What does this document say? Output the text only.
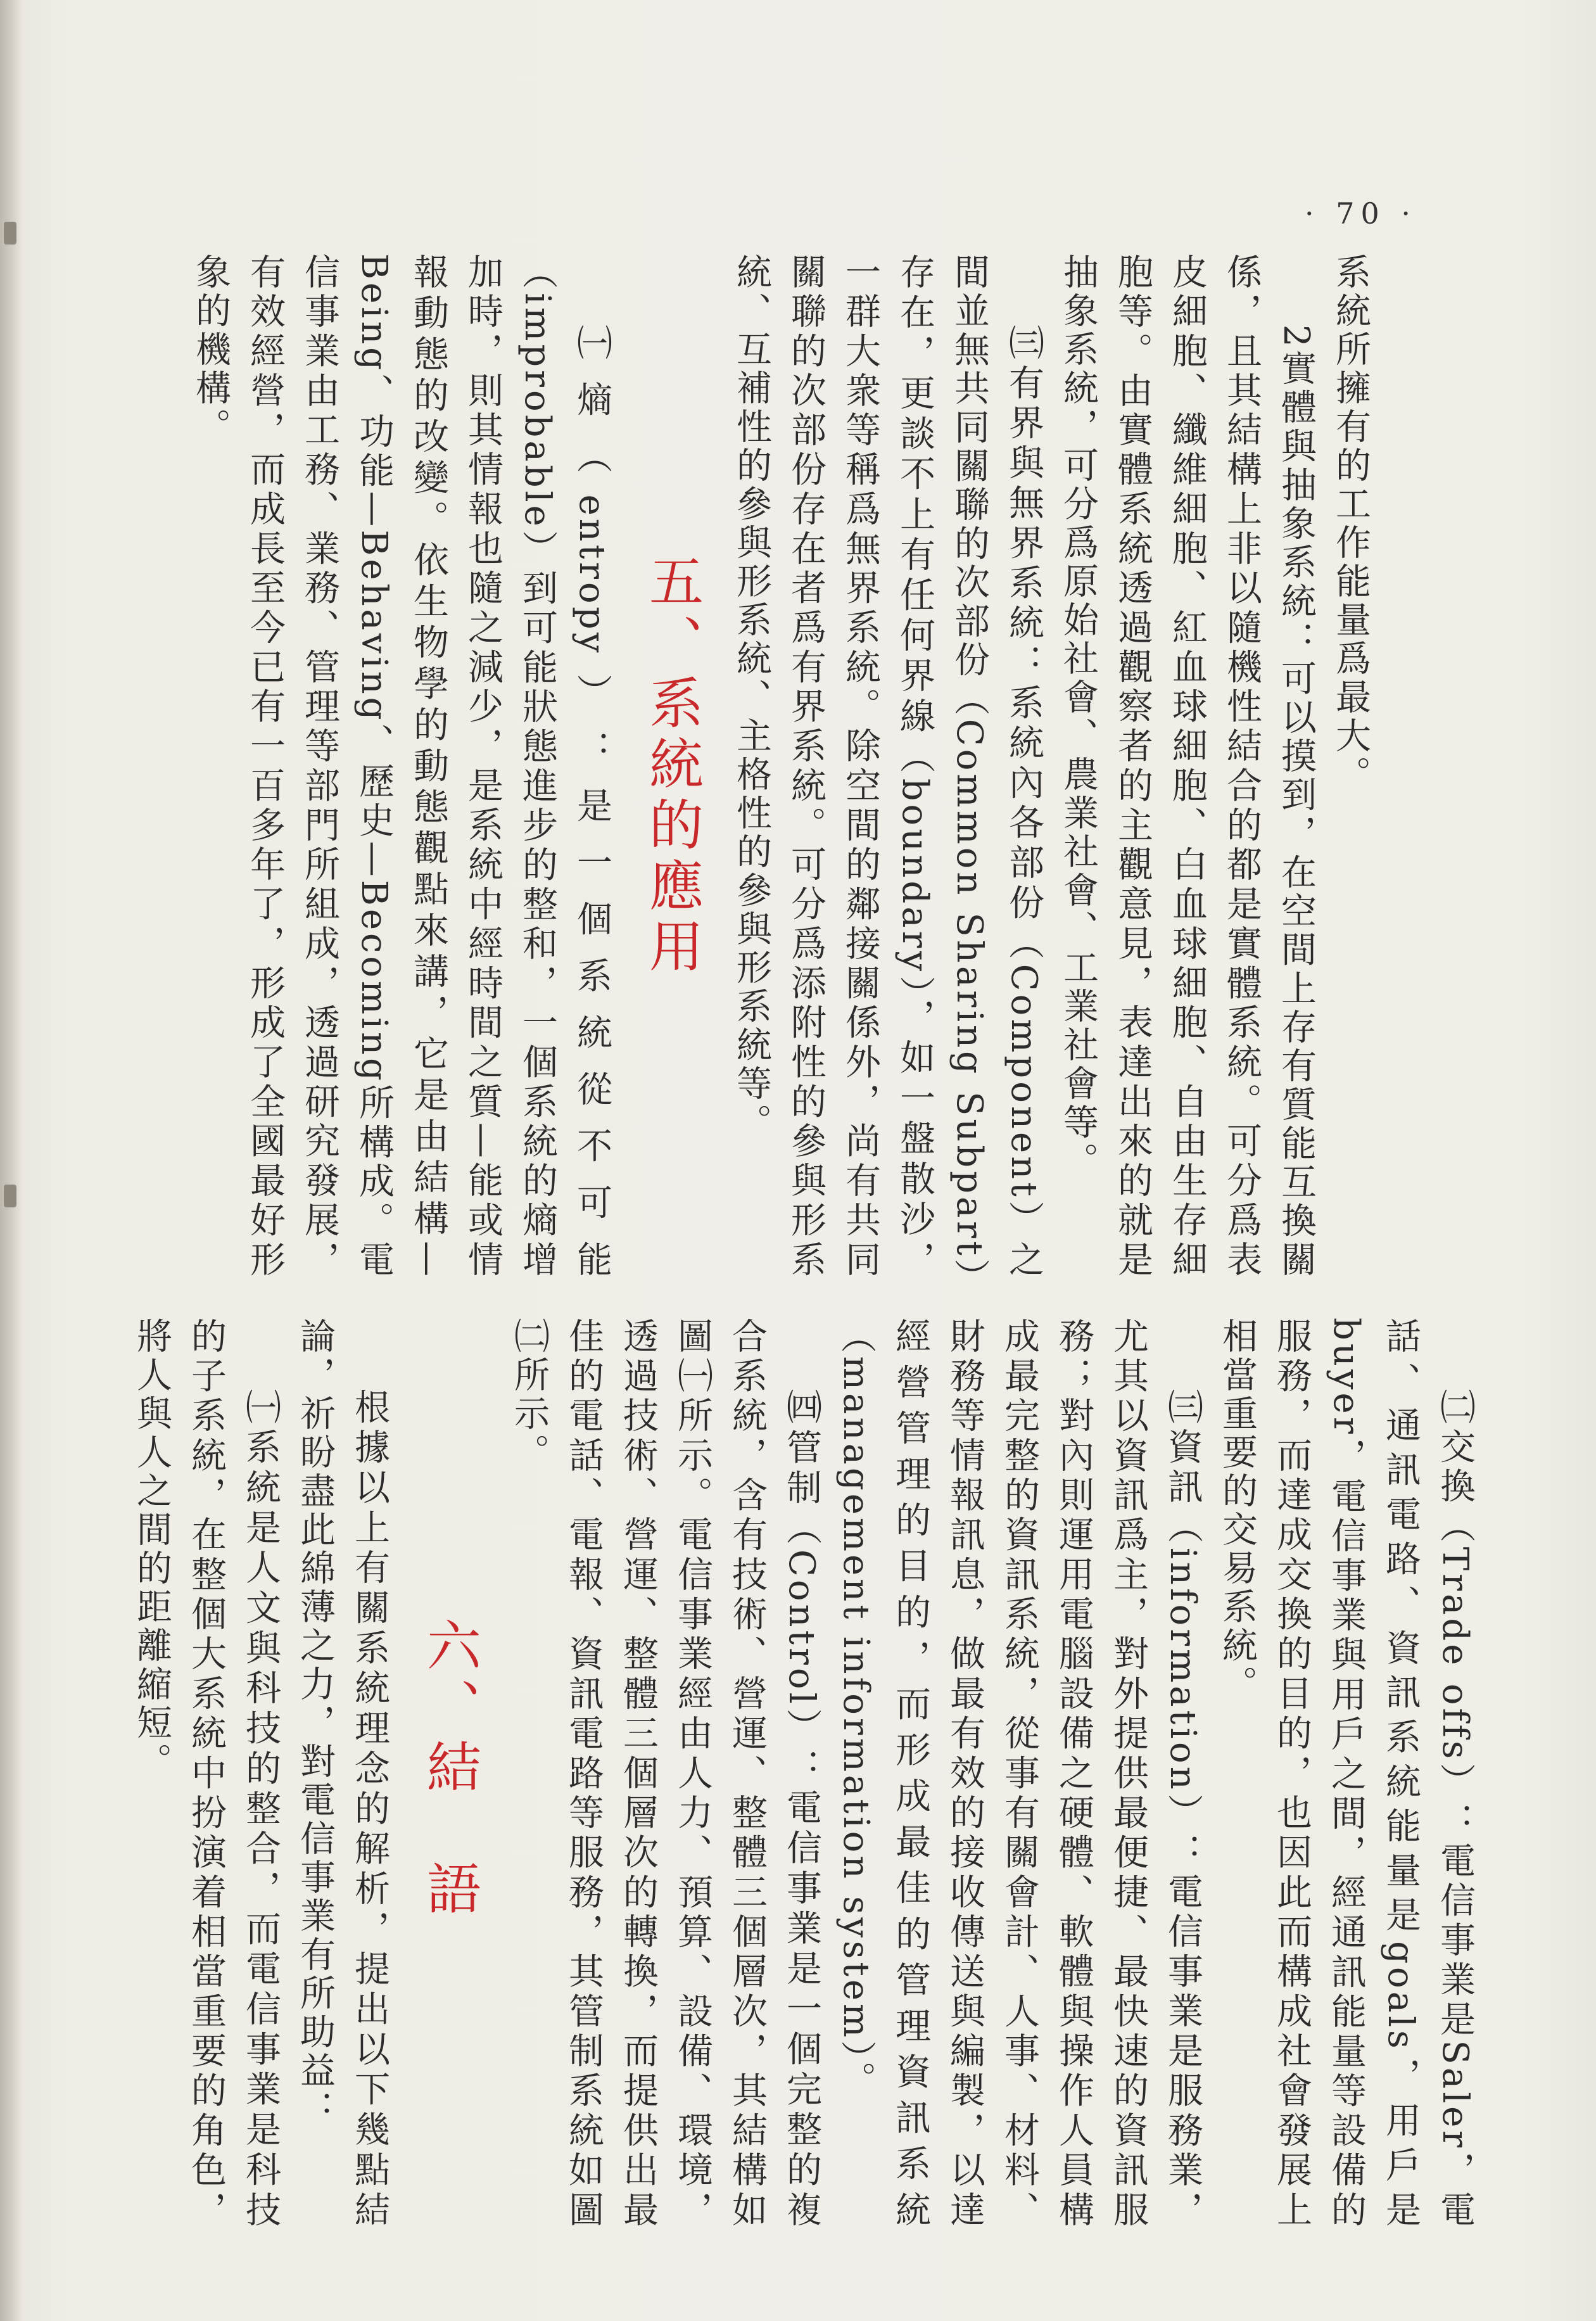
· 70 ·
系統所擁有的工作能量爲最大。
2實體與抽象系統：可以摸到，在空間上存有質能互換關係，且其結構上非以隨機性結合的都是實體系統。可分爲表皮細胞、纖維細胞、紅血球細胞、白血球細胞、自由生存細胞等。由實體系統透過觀察者的主觀意見，表達出來的就是抽象系統，可分爲原始社會、農業社會、工業社會等。
㈢有界與無界系統：系統內各部份（Component）之間並無共同關聯的次部份（Common Sharing Subpart）存在，更談不上有任何界線（boundary），如一盤散沙，一群大衆等稱爲無界系統。除空間的鄰接關係外，尚有共同關聯的次部份存在者爲有界系統。可分爲添附性的參與形系統、互補性的參與形系統、主格性的參與形系統等。
五、系統的應用
㈠熵（entropy）：是一個系統從不可能（improbable）到可能狀態進步的整和，一個系統的熵增加時，則其情報也隨之減少，是系統中經時間之質—能或情報動態的改變。依生物學的動態觀點來講，它是由結構—Being、功能—Behaving、歷史—Becoming所構成。電信事業由工務、業務、管理等部門所組成，透過研究發展，有效經營，而成長至今已有一百多年了，形成了全國最好形象的機構。
㈡交換（Trade offs）：電信事業是Saler，電話、通訊電路、資訊系統能量是goals，用戶是buyer，電信事業與用戶之間，經通訊能量等設備的服務，而達成交換的目的，也因此而構成社會發展上相當重要的交易系統。
㈢資訊（information）：電信事業是服務業，尤其以資訊爲主，對外提供最便捷、最快速的資訊服務；對內則運用電腦設備之硬體、軟體與操作人員構成最完整的資訊系統，從事有關會計、人事、材料、財務等情報訊息，做最有效的接收傳送與編製，以達經營管理的目的，而形成最佳的管理資訊系統（management information system）。
㈣管制（Control）：電信事業是一個完整的複合系統，含有技術、營運、整體三個層次，其結構如圖㈠所示。電信事業經由人力、預算、設備、環境，透過技術、營運、整體三個層次的轉換，而提供出最佳的電話、電報、資訊電路等服務，其管制系統如圖㈡所示。
六、結　語
根據以上有關系統理念的解析，提出以下幾點結論，祈盼盡此綿薄之力，對電信事業有所助益：
㈠系統是人文與科技的整合，而電信事業是科技的子系統，在整個大系統中扮演着相當重要的角色，將人與人之間的距離縮短。
